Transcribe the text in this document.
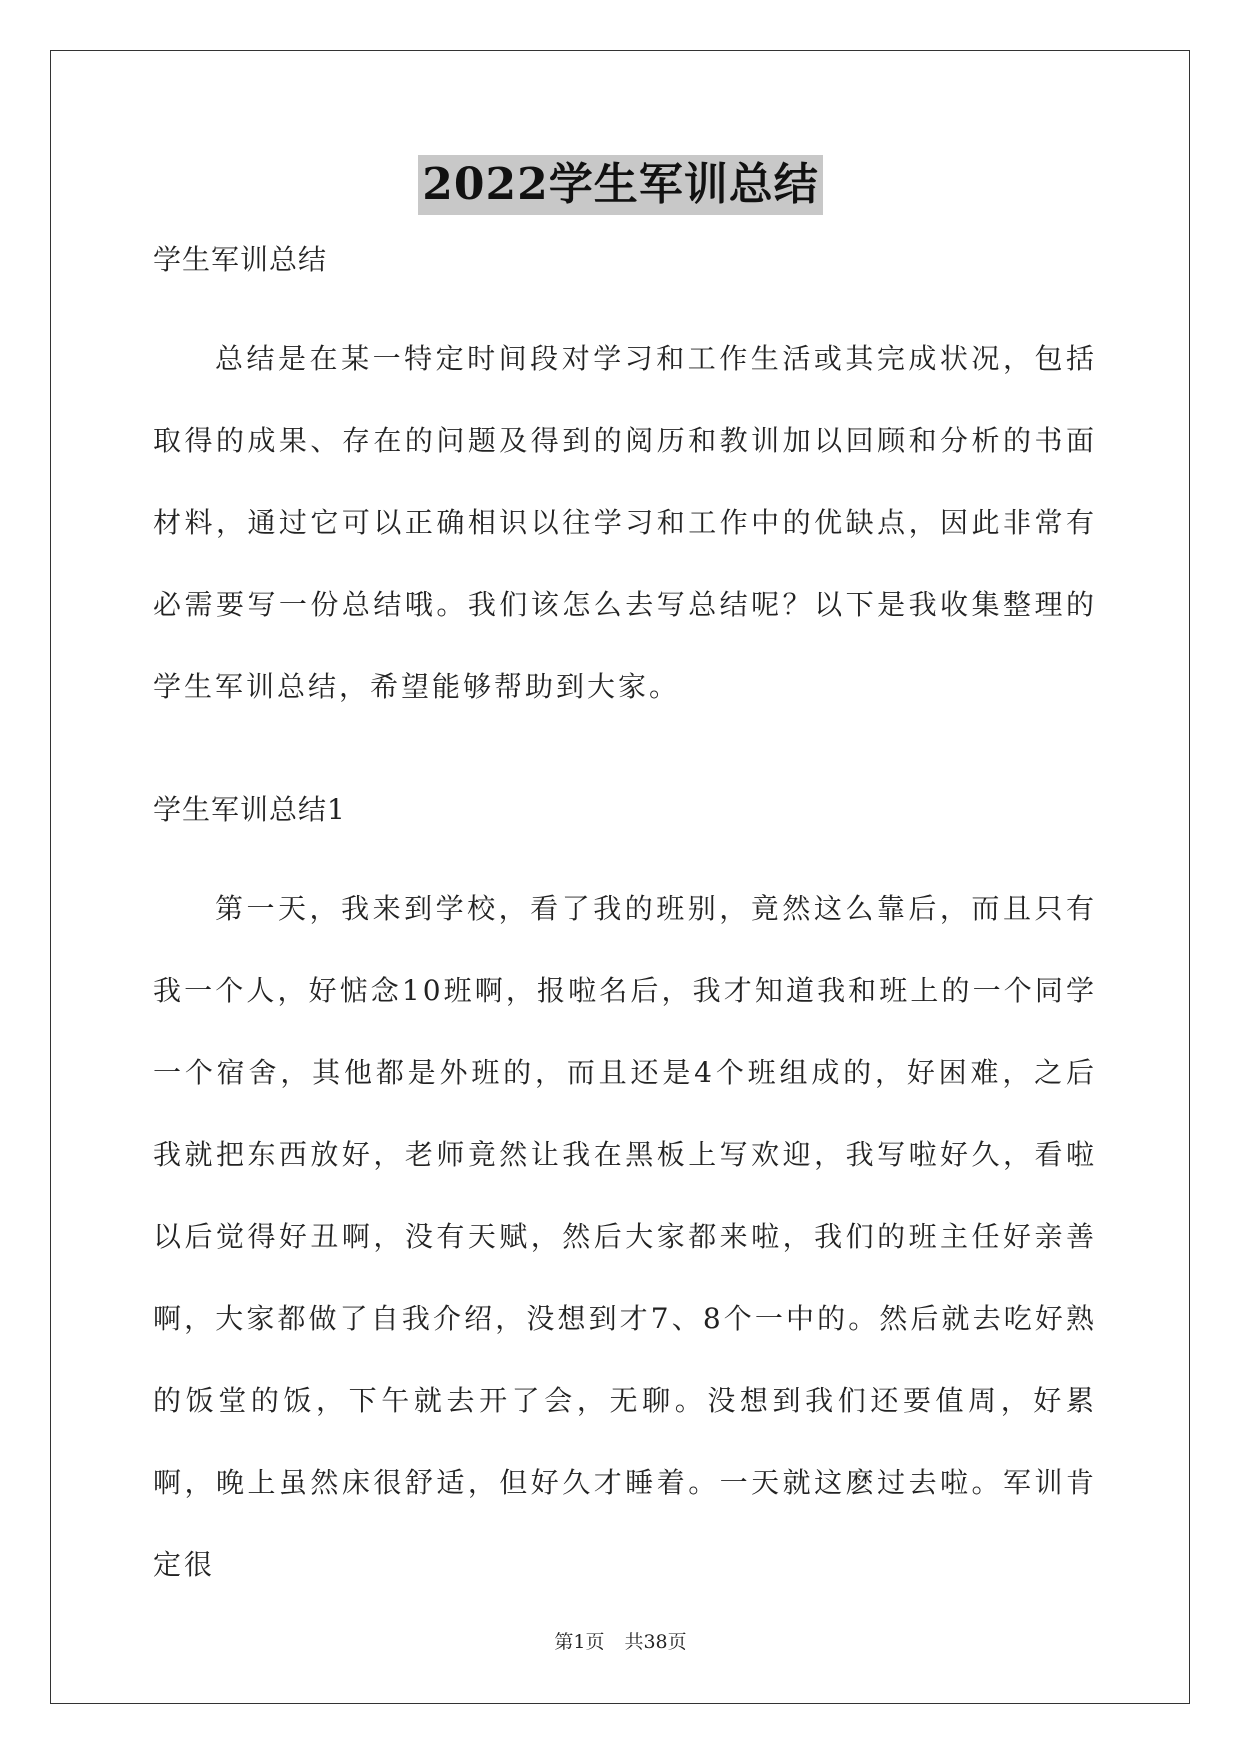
2022学生军训总结
学生军训总结

总结是在某一特定时间段对学习和工作生活或其完成状况，包括取得的成果、存在的问题及得到的阅历和教训加以回顾和分析的书面材料，通过它可以正确相识以往学习和工作中的优缺点，因此非常有必需要写一份总结哦。我们该怎么去写总结呢？以下是我收集整理的学生军训总结，希望能够帮助到大家。

学生军训总结1

第一天，我来到学校，看了我的班别，竟然这么靠后，而且只有我一个人，好惦念10班啊，报啦名后，我才知道我和班上的一个同学一个宿舍，其他都是外班的，而且还是4个班组成的，好困难，之后我就把东西放好，老师竟然让我在黑板上写欢迎，我写啦好久，看啦以后觉得好丑啊，没有天赋，然后大家都来啦，我们的班主任好亲善啊，大家都做了自我介绍，没想到才7、8个一中的。然后就去吃好熟的饭堂的饭，下午就去开了会，无聊。没想到我们还要值周，好累啊，晚上虽然床很舒适，但好久才睡着。一天就这麽过去啦。军训肯定很

第1页 共38页
